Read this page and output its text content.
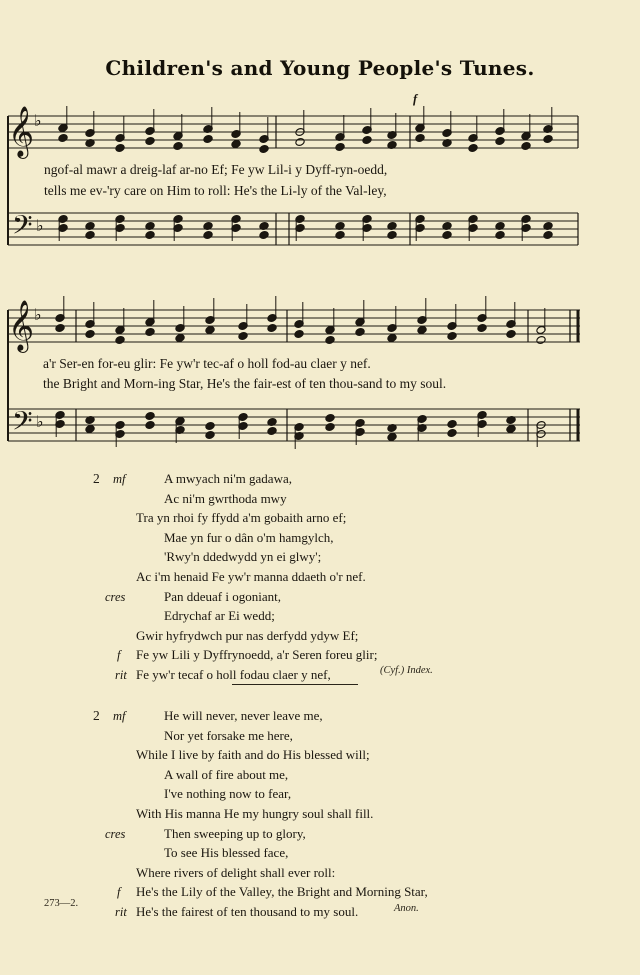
Children's and Young People's Tunes.
𝄞 ♭
𝄢 ♭
𝄞 ♭
𝄢 ♭
f
ngof-al mawr a dreig-laf ar-no Ef; Fe yw Lil-i y Dyff-ryn-oedd,
tells me ev-'ry care on Him to roll: He's the Li-ly of the Val-ley,
a'r Ser-en for-eu glir: Fe yw'r tec-af o holl fod-au claer y nef.
the Bright and Morn-ing Star, He's the fair-est of ten thou-sand to my soul.
2 mf	A mwyach ni'm gadawa,
Ac ni'm gwrthoda mwy
Tra yn rhoi fy ffydd a'm gobaith arno ef;
Mae yn fur o dân o'm hamgylch,
'Rwy'n ddedwydd yn ei glwy';
Ac i'm henaid Fe yw'r manna ddaeth o'r nef.
cres	Pan ddeuaf i ogoniant,
Edrychaf ar Ei wedd;
Gwir hyfrydwch pur nas derfydd ydyw Ef;
f Fe yw Lili y Dyffrynoedd, a'r Seren foreu glir;
rit Fe yw'r tecaf o holl fodau claer y nef,	(Cyf.) Index.
2 mf	He will never, never leave me,
Nor yet forsake me here,
While I live by faith and do His blessed will;
A wall of fire about me,
I've nothing now to fear,
With His manna He my hungry soul shall fill.
cres	Then sweeping up to glory,
To see His blessed face,
Where rivers of delight shall ever roll:
f He's the Lily of the Valley, the Bright and Morning Star,
rit He's the fairest of ten thousand to my soul.	Anon.
273—2.
